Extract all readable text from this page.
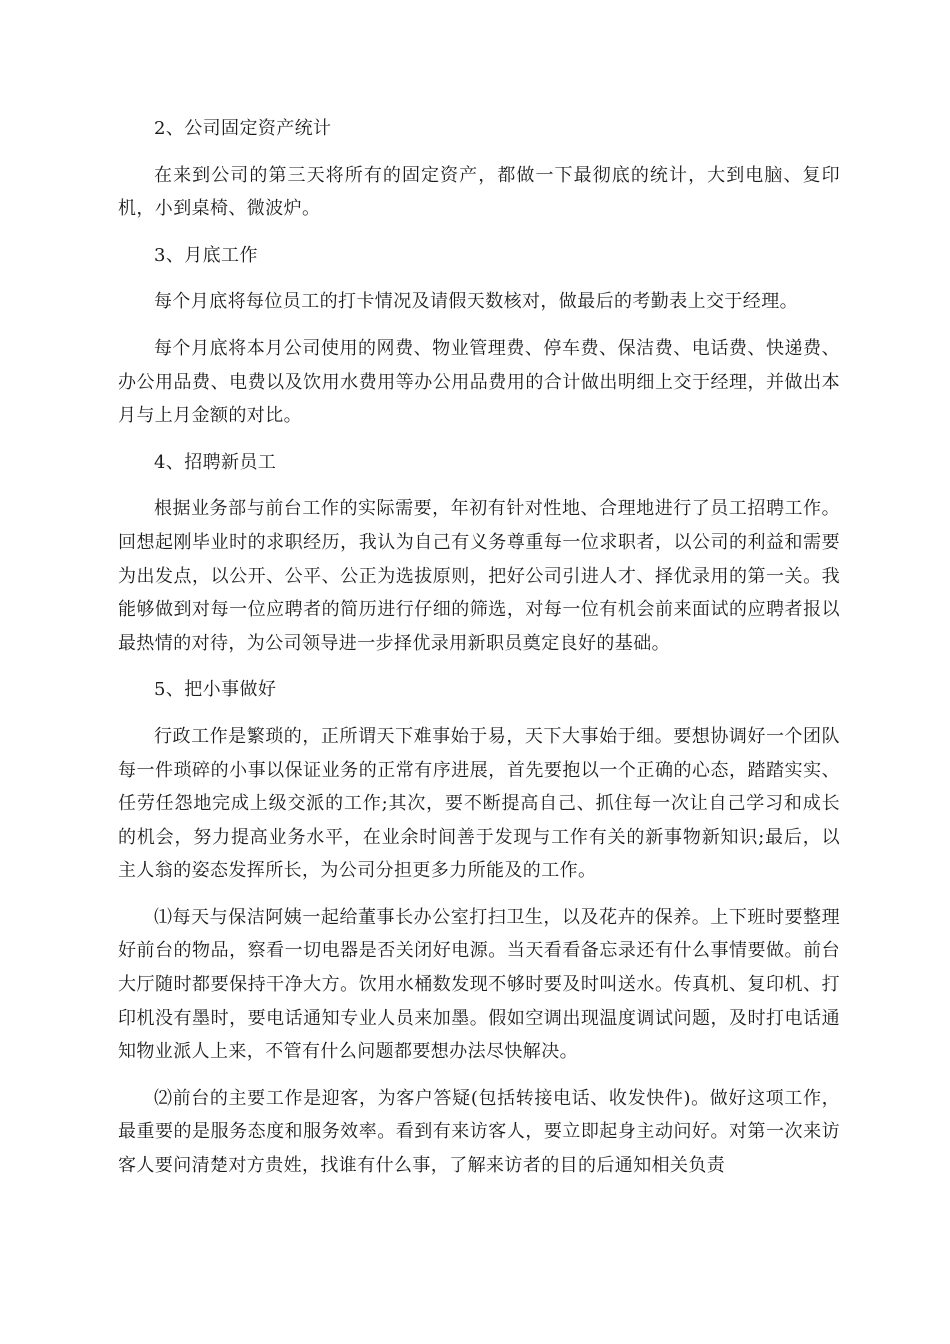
2、公司固定资产统计

在来到公司的第三天将所有的固定资产，都做一下最彻底的统计，大到电脑、复印机，小到桌椅、微波炉。

3、月底工作

每个月底将每位员工的打卡情况及请假天数核对，做最后的考勤表上交于经理。

每个月底将本月公司使用的网费、物业管理费、停车费、保洁费、电话费、快递费、办公用品费、电费以及饮用水费用等办公用品费用的合计做出明细上交于经理，并做出本月与上月金额的对比。

4、招聘新员工

根据业务部与前台工作的实际需要，年初有针对性地、合理地进行了员工招聘工作。回想起刚毕业时的求职经历，我认为自己有义务尊重每一位求职者，以公司的利益和需要为出发点，以公开、公平、公正为选拔原则，把好公司引进人才、择优录用的第一关。我能够做到对每一位应聘者的简历进行仔细的筛选，对每一位有机会前来面试的应聘者报以最热情的对待，为公司领导进一步择优录用新职员奠定良好的基础。

5、把小事做好

行政工作是繁琐的，正所谓天下难事始于易，天下大事始于细。要想协调好一个团队每一件琐碎的小事以保证业务的正常有序进展，首先要抱以一个正确的心态，踏踏实实、任劳任怨地完成上级交派的工作;其次，要不断提高自己、抓住每一次让自己学习和成长的机会，努力提高业务水平，在业余时间善于发现与工作有关的新事物新知识;最后，以主人翁的姿态发挥所长，为公司分担更多力所能及的工作。

⑴每天与保洁阿姨一起给董事长办公室打扫卫生，以及花卉的保养。上下班时要整理好前台的物品，察看一切电器是否关闭好电源。当天看看备忘录还有什么事情要做。前台大厅随时都要保持干净大方。饮用水桶数发现不够时要及时叫送水。传真机、复印机、打印机没有墨时，要电话通知专业人员来加墨。假如空调出现温度调试问题，及时打电话通知物业派人上来，不管有什么问题都要想办法尽快解决。

⑵前台的主要工作是迎客，为客户答疑(包括转接电话、收发快件)。做好这项工作，最重要的是服务态度和服务效率。看到有来访客人，要立即起身主动问好。对第一次来访客人要问清楚对方贵姓，找谁有什么事，了解来访者的目的后通知相关负责
